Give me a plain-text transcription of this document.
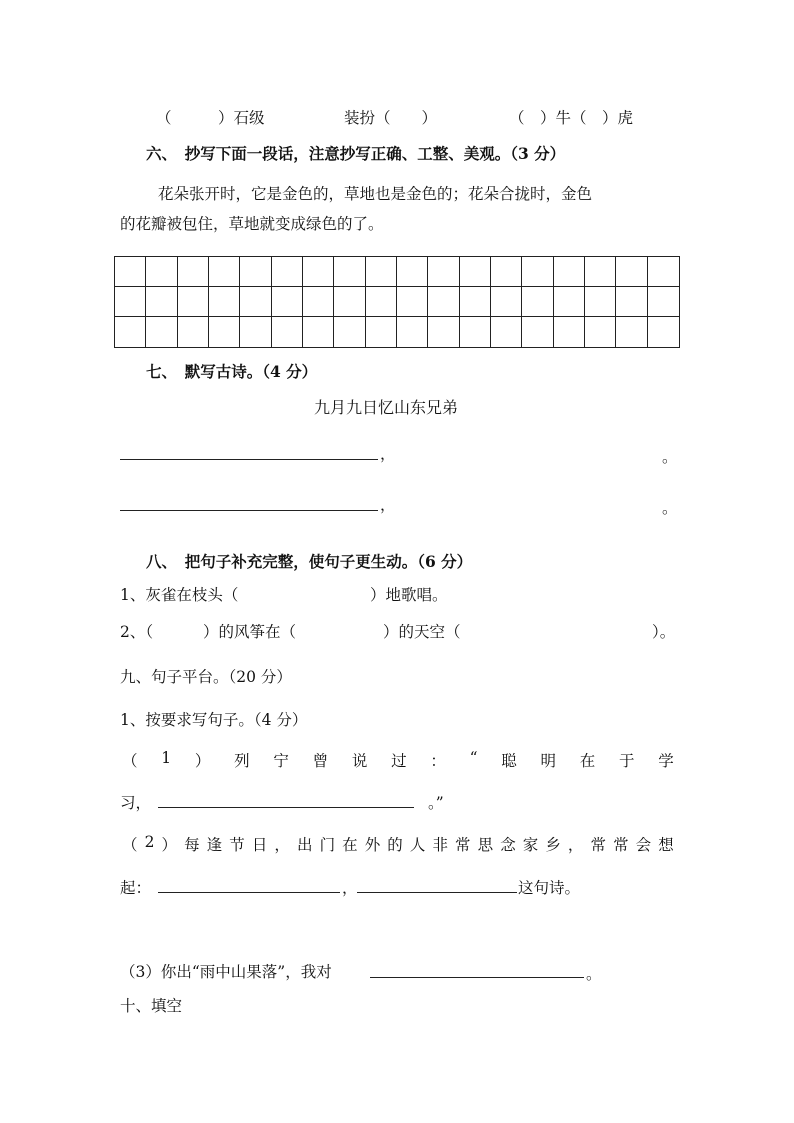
（　　　）石级	装扮（　　）	（　）牛（　）虎
六、　抄写下面一段话，注意抄写正确、工整、美观。（3 分）
花朵张开时，它是金色的，草地也是金色的；花朵合拢时，金色
的花瓣被包住，草地就变成绿色的了。
七、　默写古诗。（4 分）
九月九日忆山东兄弟
，	。
，	。
八、　把句子补充完整，使句子更生动。（6 分）
1、灰雀在枝头（	）地歌唱。
2、（	）的风筝在（	）的天空（	）。
九、句子平台。（20 分）
1、按要求写句子。（4 分）
（ 1 ） 列 宁 曾 说 过 ： “ 聪 明 在 于 学
习，	。”
（ 2 ） 每 逢 节 日 ， 出 门 在 外 的 人 非 常 思 念 家 乡 ， 常 常 会 想
起：	，	这句诗。
（3）你出“雨中山果落”，我对	。
十、填空
